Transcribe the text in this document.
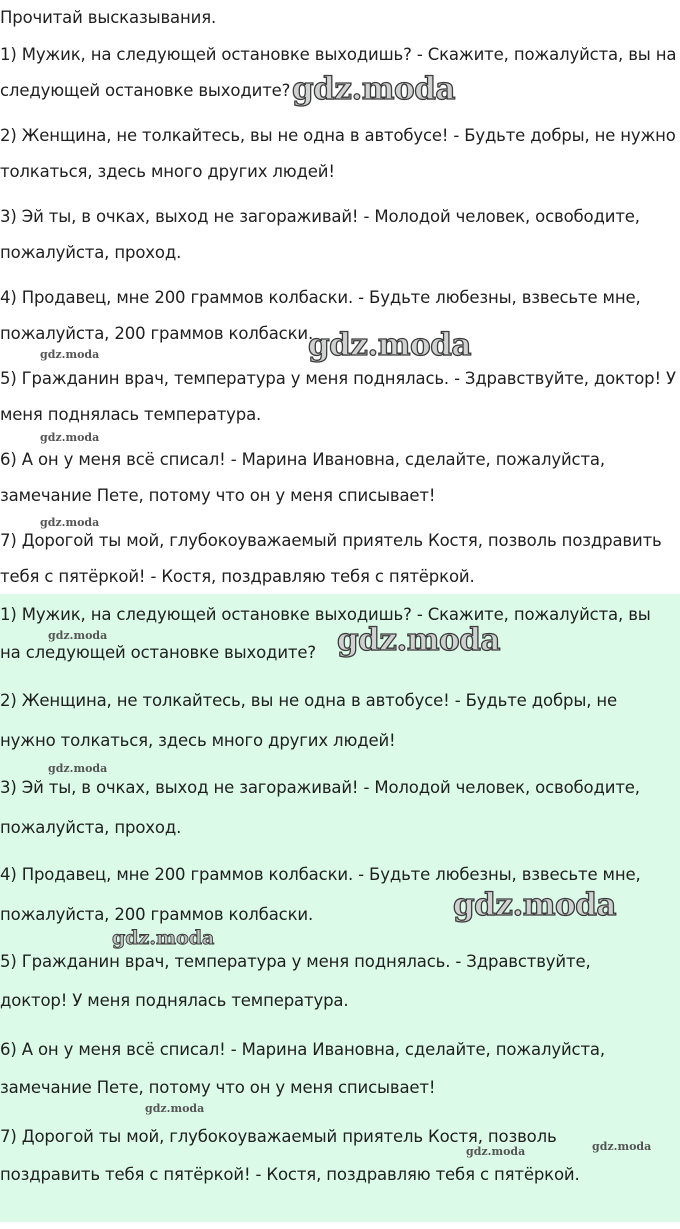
Прочитай высказывания.
1) Мужик, на следующей остановке выходишь? - Скажите, пожалуйста, вы на
следующей остановке выходите?
2) Женщина, не толкайтесь, вы не одна в автобусе! - Будьте добры, не нужно
толкаться, здесь много других людей!
3) Эй ты, в очках, выход не загораживай! - Молодой человек, освободите,
пожалуйста, проход.
4) Продавец, мне 200 граммов колбаски. - Будьте любезны, взвесьте мне,
пожалуйста, 200 граммов колбаски.
5) Гражданин врач, температура у меня поднялась. - Здравствуйте, доктор! У
меня поднялась температура.
6) А он у меня всё списал! - Марина Ивановна, сделайте, пожалуйста,
замечание Пете, потому что он у меня списывает!
7) Дорогой ты мой, глубокоуважаемый приятель Костя, позволь поздравить
тебя с пятёркой! - Костя, поздравляю тебя с пятёркой.
1) Мужик, на следующей остановке выходишь? - Скажите, пожалуйста, вы
на следующей остановке выходите?
2) Женщина, не толкайтесь, вы не одна в автобусе! - Будьте добры, не
нужно толкаться, здесь много других людей!
3) Эй ты, в очках, выход не загораживай! - Молодой человек, освободите,
пожалуйста, проход.
4) Продавец, мне 200 граммов колбаски. - Будьте любезны, взвесьте мне,
пожалуйста, 200 граммов колбаски.
5) Гражданин врач, температура у меня поднялась. - Здравствуйте,
доктор! У меня поднялась температура.
6) А он у меня всё списал! - Марина Ивановна, сделайте, пожалуйста,
замечание Пете, потому что он у меня списывает!
7) Дорогой ты мой, глубокоуважаемый приятель Костя, позволь
поздравить тебя с пятёркой! - Костя, поздравляю тебя с пятёркой.
gdz.moda
gdz.moda
gdz.moda
gdz.moda
gdz.moda
gdz.moda	gdz.moda
gdz.moda
gdz.moda
gdz.moda
gdz.moda
gdz.moda
gdz.moda
